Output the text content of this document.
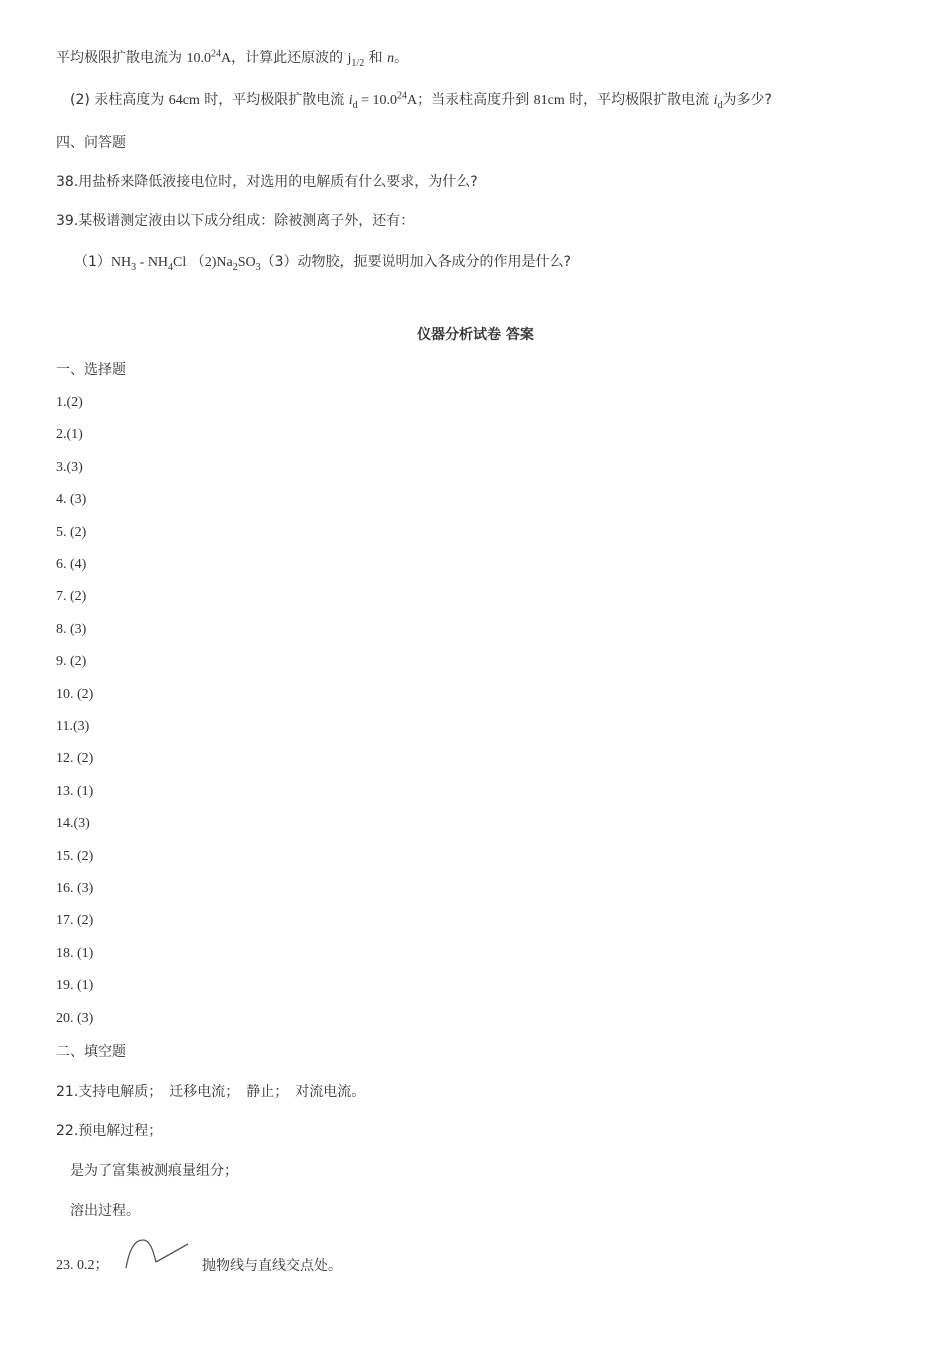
平均极限扩散电流为 10.0$^{24}$A，计算此还原波的 $j_{1/2}$ 和 n。
(2) 汞柱高度为 64cm 时，平均极限扩散电流 $i_d = 10.0^{24}A$；当汞柱高度升到 81cm 时，平均极限扩散电流 $i_d$为多少?
四、问答题
38.用盐桥来降低液接电位时，对选用的电解质有什么要求，为什么?
39.某极谱测定液由以下成分组成：除被测离子外，还有：
$(1)NH_3 - NH_4Cl$ $(2)Na_2SO_3(3)$动物胶，扼要说明加入各成分的作用是什么?
仪器分析试卷 答案
一、选择题
1.(2)
2.(1)
3.(3)
4. (3)
5. (2)
6. (4)
7. (2)
8. (3)
9. (2)
10. (2)
11.(3)
12. (2)
13. (1)
14.(3)
15. (2)
16. (3)
17. (2)
18. (1)
19. (1)
20. (3)
二、填空题
21.支持电解质；　迁移电流；　静止；　对流电流。
22.预电解过程；
是为了富集被测痕量组分；
溶出过程。
23. 0.2；	抛物线与直线交点处。
